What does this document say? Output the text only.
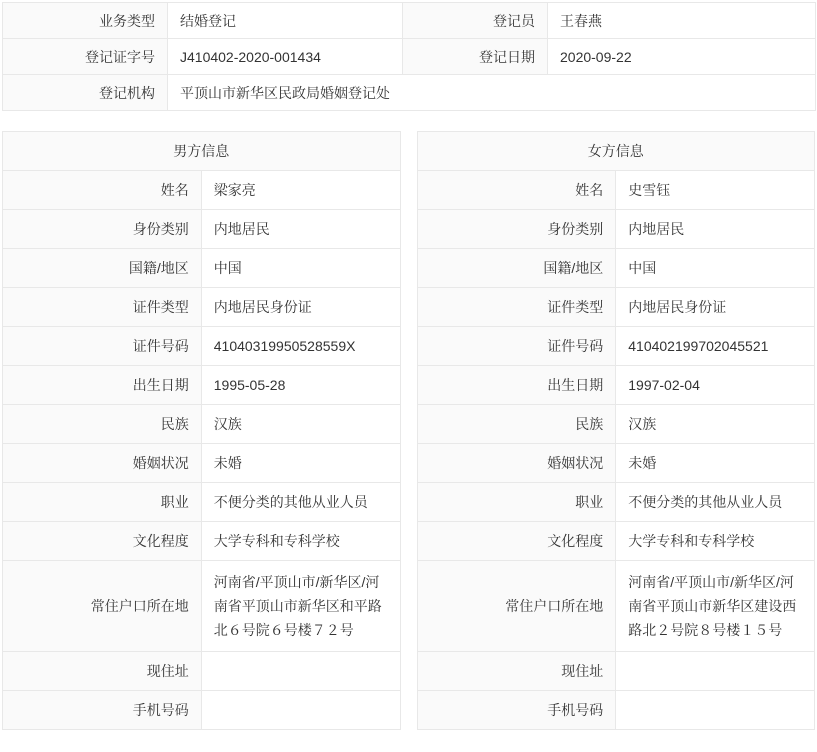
业务类型	结婚登记	登记员	王春燕
登记证字号	J410402-2020-001434	登记日期	2020-09-22
登记机构	平顶山市新华区民政局婚姻登记处		
男方信息	
姓名	梁家亮
身份类别	内地居民
国籍/地区	中国
证件类型	内地居民身份证
证件号码	41040319950528559X
出生日期	1995-05-28
民族	汉族
婚姻状况	未婚
职业	不便分类的其他从业人员
文化程度	大学专科和专科学校
常住户口所在地	河南省/平顶山市/新华区/河南省平顶山市新华区和平路北６号院６号楼７２号
现住址	
手机号码	
女方信息	
姓名	史雪钰
身份类别	内地居民
国籍/地区	中国
证件类型	内地居民身份证
证件号码	410402199702045521
出生日期	1997-02-04
民族	汉族
婚姻状况	未婚
职业	不便分类的其他从业人员
文化程度	大学专科和专科学校
常住户口所在地	河南省/平顶山市/新华区/河南省平顶山市新华区建设西路北２号院８号楼１５号
现住址	
手机号码	
